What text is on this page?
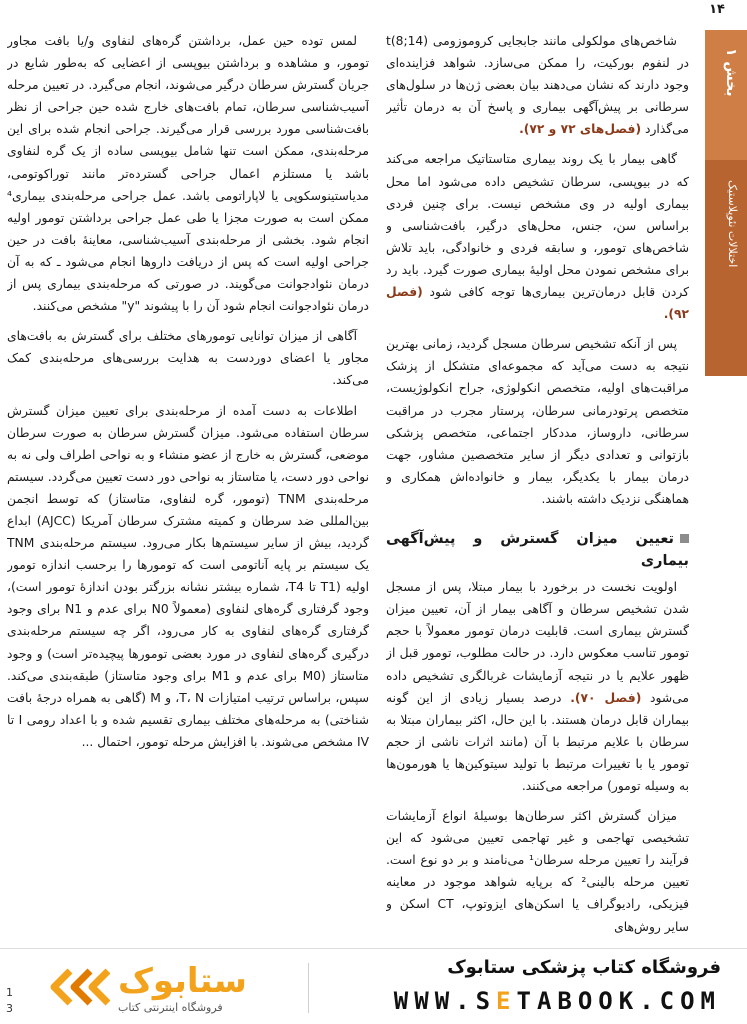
۱۴
بخش ۱
اختلالات نئوپلاستیک

شاخص‌های مولکولی مانند جابجایی کروموزومی (t(8;14 در لنفوم بورکیت، را ممکن می‌سازد. شواهد فزاینده‌ای وجود دارند که نشان می‌دهند بیان بعضی ژن‌ها در سلول‌های سرطانی بر پیش‌آگهی بیماری و پاسخ آن به درمان تأثیر می‌گذارد (فصل‌های ۷۲ و ۷۲).

گاهی بیمار با یک روند بیماری متاستاتیک مراجعه می‌کند که در بیوپسی، سرطان تشخیص داده می‌شود اما محل بیماری اولیه در وی مشخص نیست. برای چنین فردی براساس سن، جنس، محل‌های درگیر، بافت‌شناسی و شاخص‌های تومور، و سابقه فردی و خانوادگی، باید تلاش برای مشخص نمودن محل اولیهٔ بیماری صورت گیرد. باید رد کردن قابل درمان‌ترین بیماری‌ها توجه کافی شود (فصل ۹۲).

پس از آنکه تشخیص سرطان مسجل گردید، زمانی بهترین نتیجه به دست می‌آید که مجموعه‌ای متشکل از پزشک مراقبت‌های اولیه، متخصص انکولوژی، جراح انکولوژیست، متخصص پرتودرمانی سرطان، پرستار مجرب در مراقبت سرطانی، داروساز، مددکار اجتماعی، متخصص پزشکی بازتوانی و تعدادی دیگر از سایر متخصصین مشاور، جهت درمان بیمار با یکدیگر، بیمار و خانواده‌اش همکاری و هماهنگی نزدیک داشته باشند.

تعیین میزان گسترش و پیش‌آگهی بیماری

اولویت نخست در برخورد با بیمار مبتلا، پس از مسجل شدن تشخیص سرطان و آگاهی بیمار از آن، تعیین میزان گسترش بیماری است. قابلیت درمان تومور معمولاً با حجم تومور تناسب معکوس دارد. در حالت مطلوب، تومور قبل از ظهور علایم یا در نتیجه آزمایشات غربالگری تشخیص داده می‌شود (فصل ۷۰). درصد بسیار زیادی از این گونه بیماران قابل درمان هستند. با این حال، اکثر بیماران مبتلا به سرطان با علایم مرتبط با آن (مانند اثرات ناشی از حجم تومور یا با تغییرات مرتبط با تولید سیتوکین‌ها یا هورمون‌ها به وسیله تومور) مراجعه می‌کنند.

میزان گسترش اکثر سرطان‌ها بوسیلهٔ انواع آزمایشات تشخیصی تهاجمی و غیر تهاجمی تعیین می‌شود که این فرآیند را تعیین مرحله سرطان¹ می‌نامند و بر دو نوع است. تعیین مرحله بالینی² که برپایه شواهد موجود در معاینه فیزیکی، رادیوگراف یا اسکن‌های ایزوتوپ، CT اسکن و سایر روش‌های

لمس توده حین عمل، برداشتن گره‌های لنفاوی و/یا بافت مجاور تومور، و مشاهده و برداشتن بیوپسی از اعضایی که به‌طور شایع در جریان گسترش سرطان درگیر می‌شوند، انجام می‌گیرد. در تعیین مرحله آسیب‌شناسی سرطان، تمام بافت‌های خارج شده حین جراحی از نظر بافت‌شناسی مورد بررسی قرار می‌گیرند. جراحی انجام شده برای این مرحله‌بندی، ممکن است تنها شامل بیوپسی ساده از یک گره لنفاوی باشد یا مستلزم اعمال جراحی گسترده‌تر مانند توراکوتومی، مدیاستینوسکوپی یا لاپاراتومی باشد. عمل جراحی مرحله‌بندی بیماری⁴ ممکن است به صورت مجزا یا طی عمل جراحی برداشتن تومور اولیه انجام شود. بخشی از مرحله‌بندی آسیب‌شناسی، معاینهٔ بافت در حین جراحی اولیه است که پس از دریافت داروها انجام می‌شود ـ که به آن درمان نئوادجوانت می‌گویند. در صورتی که مرحله‌بندی بیماری پس از درمان نئوادجوانت انجام شود آن را با پیشوند "y" مشخص می‌کنند.

آگاهی از میزان توانایی تومورهای مختلف برای گسترش به بافت‌های مجاور یا اعضای دوردست به هدایت بررسی‌های مرحله‌بندی کمک می‌کند.

اطلاعات به دست آمده از مرحله‌بندی برای تعیین میزان گسترش سرطان استفاده می‌شود. میزان گسترش سرطان به صورت سرطان موضعی، گسترش به خارج از عضو منشاء و به نواحی اطراف ولی نه به نواحی دور دست، یا متاستاز به نواحی دور دست تعیین می‌گردد. سیستم مرحله‌بندی TNM (تومور، گره لنفاوی، متاستاز) که توسط انجمن بین‌المللی ضد سرطان و کمیته مشترک سرطان آمریکا (AJCC) ابداع گردید، بیش از سایر سیستم‌ها بکار می‌رود. سیستم مرحله‌بندی TNM یک سیستم بر پایه آناتومی است که تومورها را برحسب اندازه تومور اولیه (T1 تا T4، شماره بیشتر نشانه بزرگتر بودن اندازهٔ تومور است)، وجود گرفتاری گره‌های لنفاوی (معمولاً N0 برای عدم و N1 برای وجود گرفتاری گره‌های لنفاوی به کار می‌رود، اگر چه سیستم مرحله‌بندی درگیری گره‌های لنفاوی در مورد بعضی تومورها پیچیده‌تر است) و وجود متاستاز (M0 برای عدم و M1 برای وجود متاستاز) طبقه‌بندی می‌کند. سپس، براساس ترتیب امتیازات T، N، و M (گاهی به همراه درجهٔ بافت شناختی) به مرحله‌های مختلف بیماری تقسیم شده و با اعداد رومی I تا IV مشخص می‌شوند. با افزایش مرحله تومور، احتمال ...

ستابوک
فروشگاه اینترنتی کتاب
فروشگاه کتاب پزشکی ستابوک
WWW.SETABOOK.COM
1
3
